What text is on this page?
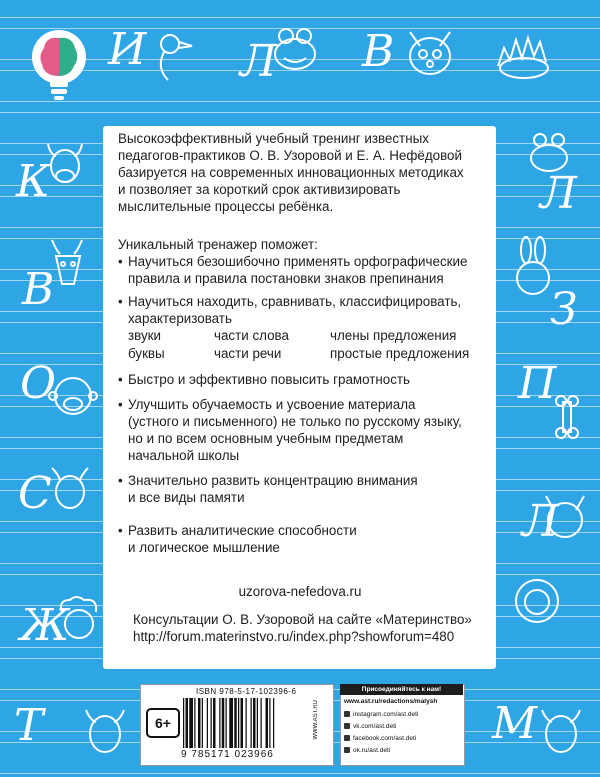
И Л В
К	Л
В	З
О	П
С
Л
Ж
Т	М
Высокоэффективный учебный тренинг известных
педагогов-практиков О. В. Узоровой и Е. А. Нефёдовой
базируется на современных инновационных методиках
и позволяет за короткий срок активизировать
мыслительные процессы ребёнка.
Уникальный тренажер поможет:
• Научиться безошибочно применять орфографические
правила и правила постановки знаков препинания
• Научиться находить, сравнивать, классифицировать,
характеризовать
звуки	части слова	члены предложения
буквы	части речи	простые предложения
• Быстро и эффективно повысить грамотность
• Улучшить обучаемость и усвоение материала
(устного и письменного) не только по русскому языку,
но и по всем основным учебным предметам
начальной школы
• Значительно развить концентрацию внимания
и все виды памяти
• Развить аналитические способности
и логическое мышление
uzorova-nefedova.ru
Консультации О. В. Узоровой на сайте «Материнство»
http://forum.materinstvo.ru/index.php?showforum=480
ISBN 978-5-17-102396-6
6+
9 785171 023966
WWW.AST.RU
Присоединяйтесь к нам!
www.ast.ru/redactions/malysh
instagram.com/ast.deti
vk.com/ast.deti
facebook.com/ast.deti
ok.ru/ast.deti
